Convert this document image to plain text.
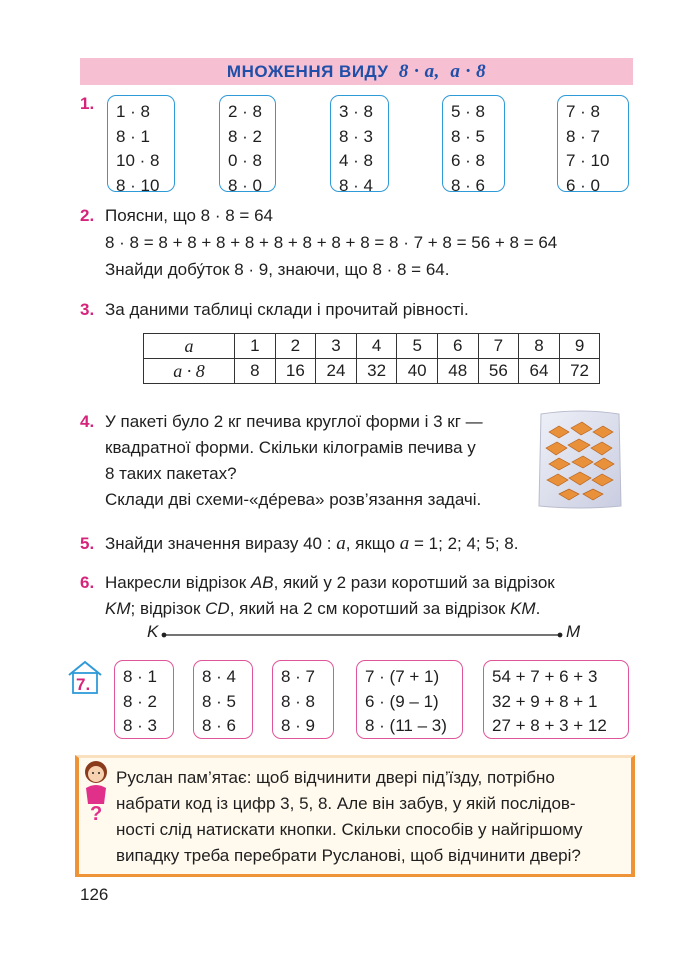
МНОЖЕННЯ ВИДУ 8 · a, a · 8
1. 1 · 8
8 · 1
10 · 8
8 · 10
2 · 8
8 · 2
0 · 8
8 · 0
3 · 8
8 · 3
4 · 8
8 · 4
5 · 8
8 · 5
6 · 8
8 · 6
7 · 8
8 · 7
7 · 10
6 · 0
2. Поясни, що 8 · 8 = 64
8 · 8 = 8 + 8 + 8 + 8 + 8 + 8 + 8 + 8 = 8 · 7 + 8 = 56 + 8 = 64
Знайди добу́ток 8 · 9, знаючи, що 8 · 8 = 64.
3. За даними таблиці склади і прочитай рівності.
a	1	2	3	4	5	6	7	8	9
a · 8	8	16	24	32	40	48	56	64	72
4. У пакеті було 2 кг печива круглої форми і 3 кг —
квадратної форми. Скільки кілограмів печива у
8 таких пакетах?
Склади дві схеми-«де́рева» розв’язання задачі.
5. Знайди значення виразу 40 : a, якщо a = 1; 2; 4; 5; 8.
6. Накресли відрізок AB, який у 2 рази коротший за відрізок
KM; відрізок CD, який на 2 см коротший за відрізок KM.
K	M
7. 8 · 1
8 · 2
8 · 3
8 · 4
8 · 5
8 · 6
8 · 7
8 · 8
8 · 9
7 · (7 + 1)
6 · (9 – 1)
8 · (11 – 3)
54 + 7 + 6 + 3
32 + 9 + 8 + 1
27 + 8 + 3 + 12
?
Руслан пам’ятає: щоб відчинити двері під’їзду, потрібно
набрати код із цифр 3, 5, 8. Але він забув, у якій послідов-
ності слід натискати кнопки. Скільки способів у найгіршому
випадку треба перебрати Русланові, щоб відчинити двері?
126
